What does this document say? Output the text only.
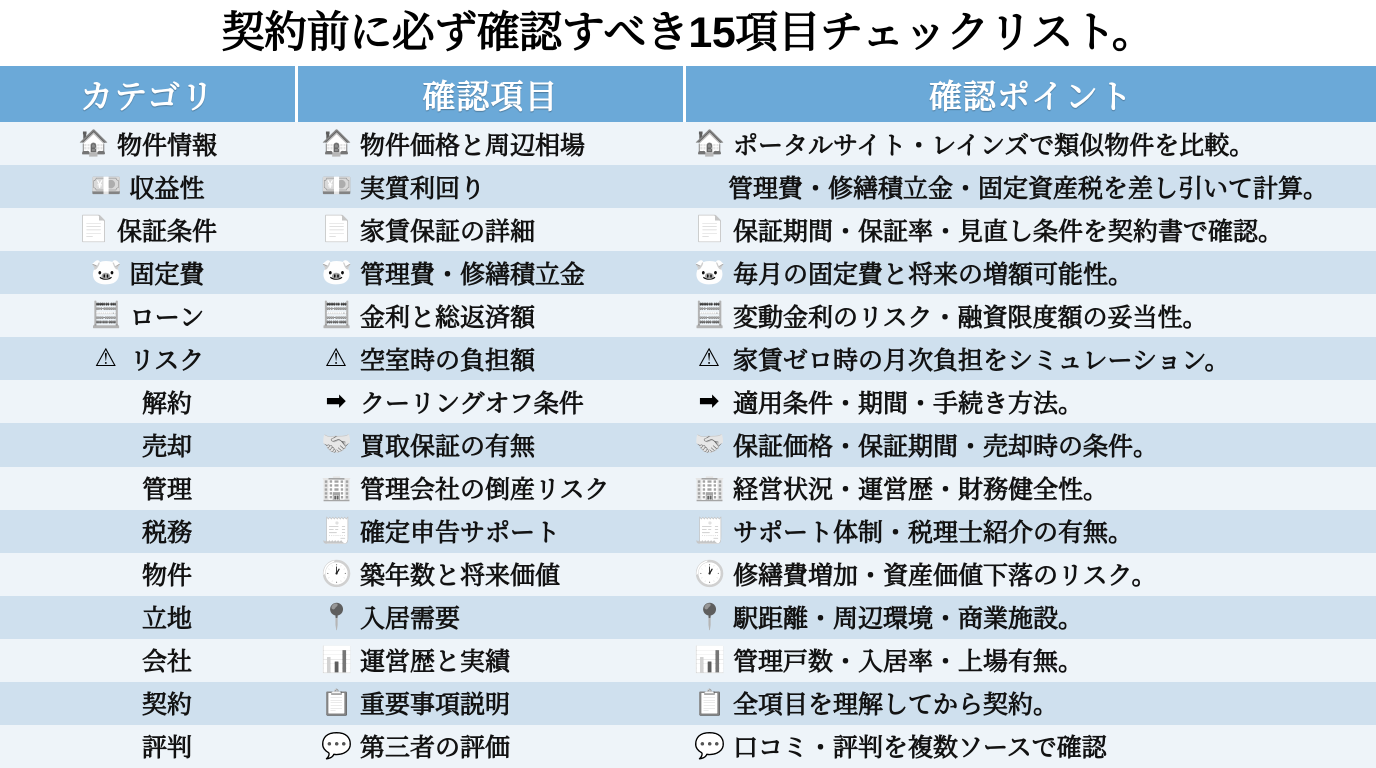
契約前に必ず確認すべき15項目チェックリスト。
カテゴリ	確認項目	確認ポイント
🏠 物件情報	🏠 物件価格と周辺相場	🏠 ポータルサイト・レインズで類似物件を比較。
💴 収益性	💴 実質利回り	管理費・修繕積立金・固定資産税を差し引いて計算。
📄 保証条件	📄 家賃保証の詳細	📄 保証期間・保証率・見直し条件を契約書で確認。
🐷 固定費	🐷 管理費・修繕積立金	🐷 毎月の固定費と将来の増額可能性。
🧮 ローン	🧮 金利と総返済額	🧮 変動金利のリスク・融資限度額の妥当性。
⚠ リスク	⚠ 空室時の負担額	⚠ 家賃ゼロ時の月次負担をシミュレーション。
解約	➡ クーリングオフ条件	➡ 適用条件・期間・手続き方法。
売却	🤝 買取保証の有無	🤝 保証価格・保証期間・売却時の条件。
管理	🏢 管理会社の倒産リスク	🏢 経営状況・運営歴・財務健全性。
税務	🧾 確定申告サポート	🧾 サポート体制・税理士紹介の有無。
物件	🕐 築年数と将来価値	🕐 修繕費増加・資産価値下落のリスク。
立地	📍 入居需要	📍 駅距離・周辺環境・商業施設。
会社	📊 運営歴と実績	📊 管理戸数・入居率・上場有無。
契約	📋 重要事項説明	📋 全項目を理解してから契約。
評判	💬 第三者の評価	💬 口コミ・評判を複数ソースで確認
